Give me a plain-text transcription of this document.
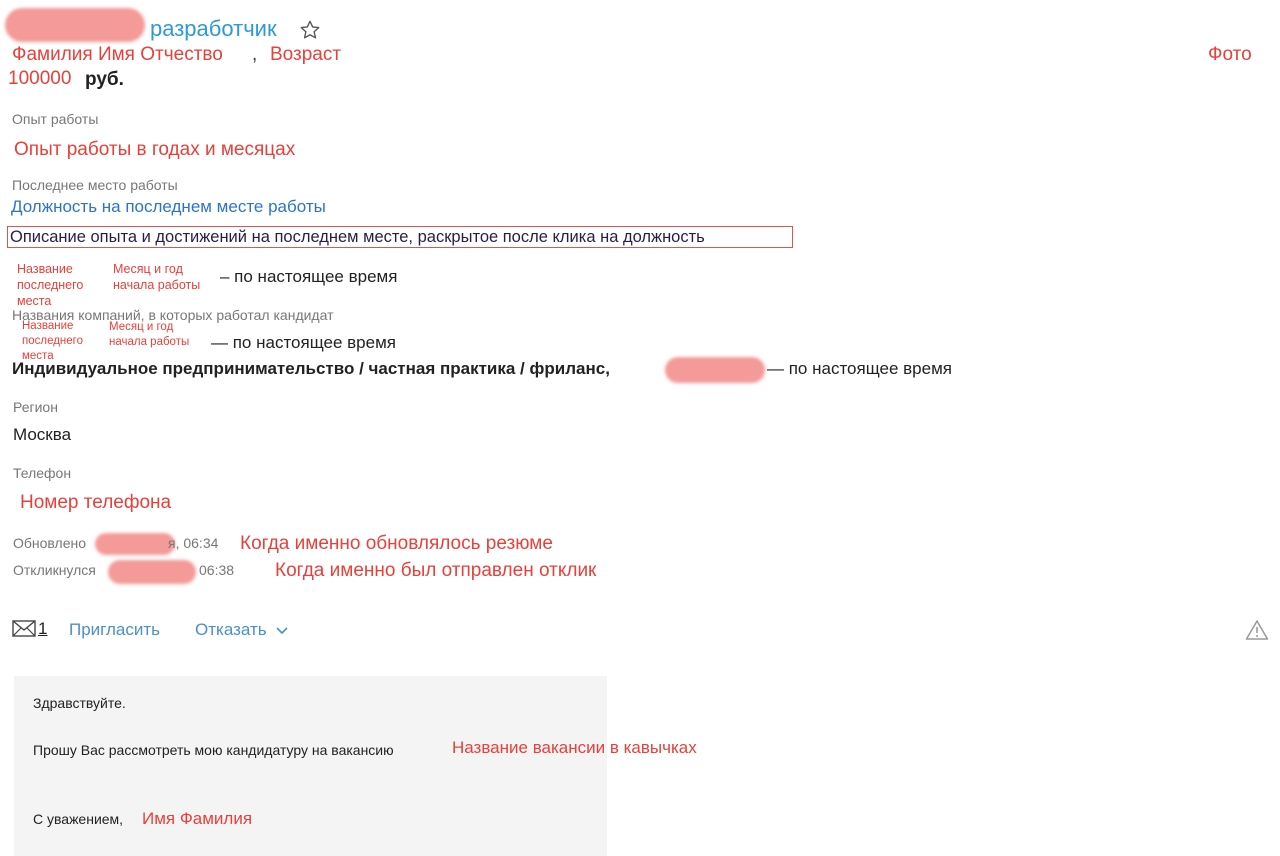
разработчик
Фамилия Имя Отчество , Возраст	Фото
100000 руб.
Опыт работы
Опыт работы в годах и месяцах
Последнее место работы
Должность на последнем месте работы
Описание опыта и достижений на последнем месте, раскрытое после клика на должность
Название последнего места
Месяц и год начала работы	– по настоящее время
Названия компаний, в которых работал кандидат
Название последнего места
Месяц и год начала работы	— по настоящее время
Индивидуальное предпринимательство / частная практика / фриланс,	— по настоящее время
Регион
Москва
Телефон
Номер телефона
Обновлено	я, 06:34 Когда именно обновлялось резюме
Откликнулся	06:38 Когда именно был отправлен отклик
1 Пригласить Отказать
Здравствуйте.
Прошу Вас рассмотреть мою кандидатуру на вакансию	Название вакансии в кавычках
С уважением, Имя Фамилия
